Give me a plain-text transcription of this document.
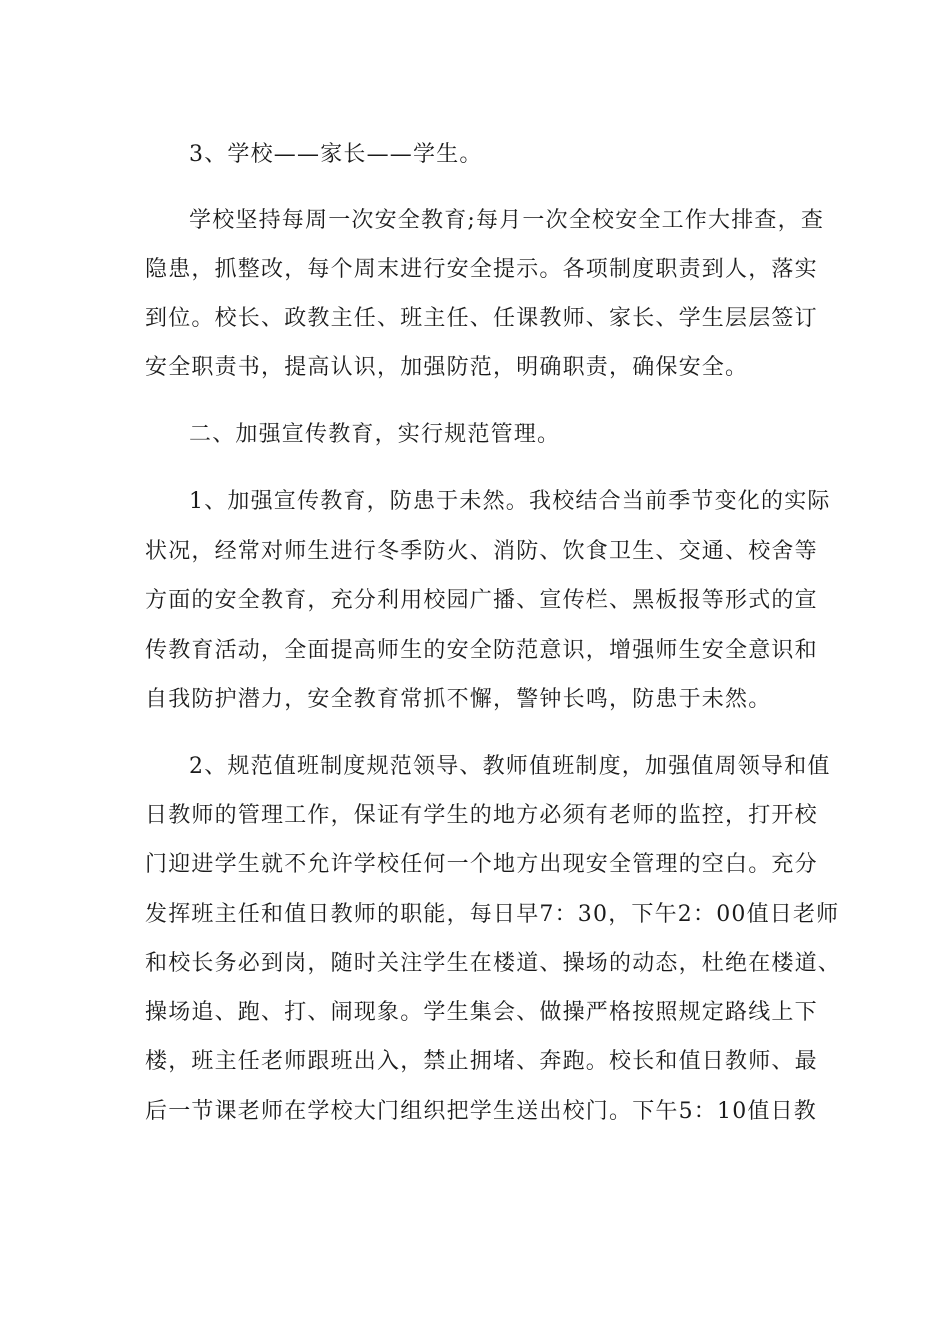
3、学校——家长——学生。
学校坚持每周一次安全教育;每月一次全校安全工作大排查，查
隐患，抓整改，每个周末进行安全提示。各项制度职责到人，落实
到位。校长、政教主任、班主任、任课教师、家长、学生层层签订
安全职责书，提高认识，加强防范，明确职责，确保安全。
二、加强宣传教育，实行规范管理。
1、加强宣传教育，防患于未然。我校结合当前季节变化的实际
状况，经常对师生进行冬季防火、消防、饮食卫生、交通、校舍等
方面的安全教育，充分利用校园广播、宣传栏、黑板报等形式的宣
传教育活动，全面提高师生的安全防范意识，增强师生安全意识和
自我防护潜力，安全教育常抓不懈，警钟长鸣，防患于未然。
2、规范值班制度规范领导、教师值班制度，加强值周领导和值
日教师的管理工作，保证有学生的地方必须有老师的监控，打开校
门迎进学生就不允许学校任何一个地方出现安全管理的空白。充分
发挥班主任和值日教师的职能，每日早7：30，下午2：00值日老师
和校长务必到岗，随时关注学生在楼道、操场的动态，杜绝在楼道、
操场追、跑、打、闹现象。学生集会、做操严格按照规定路线上下
楼，班主任老师跟班出入，禁止拥堵、奔跑。校长和值日教师、最
后一节课老师在学校大门组织把学生送出校门。下午5：10值日教
